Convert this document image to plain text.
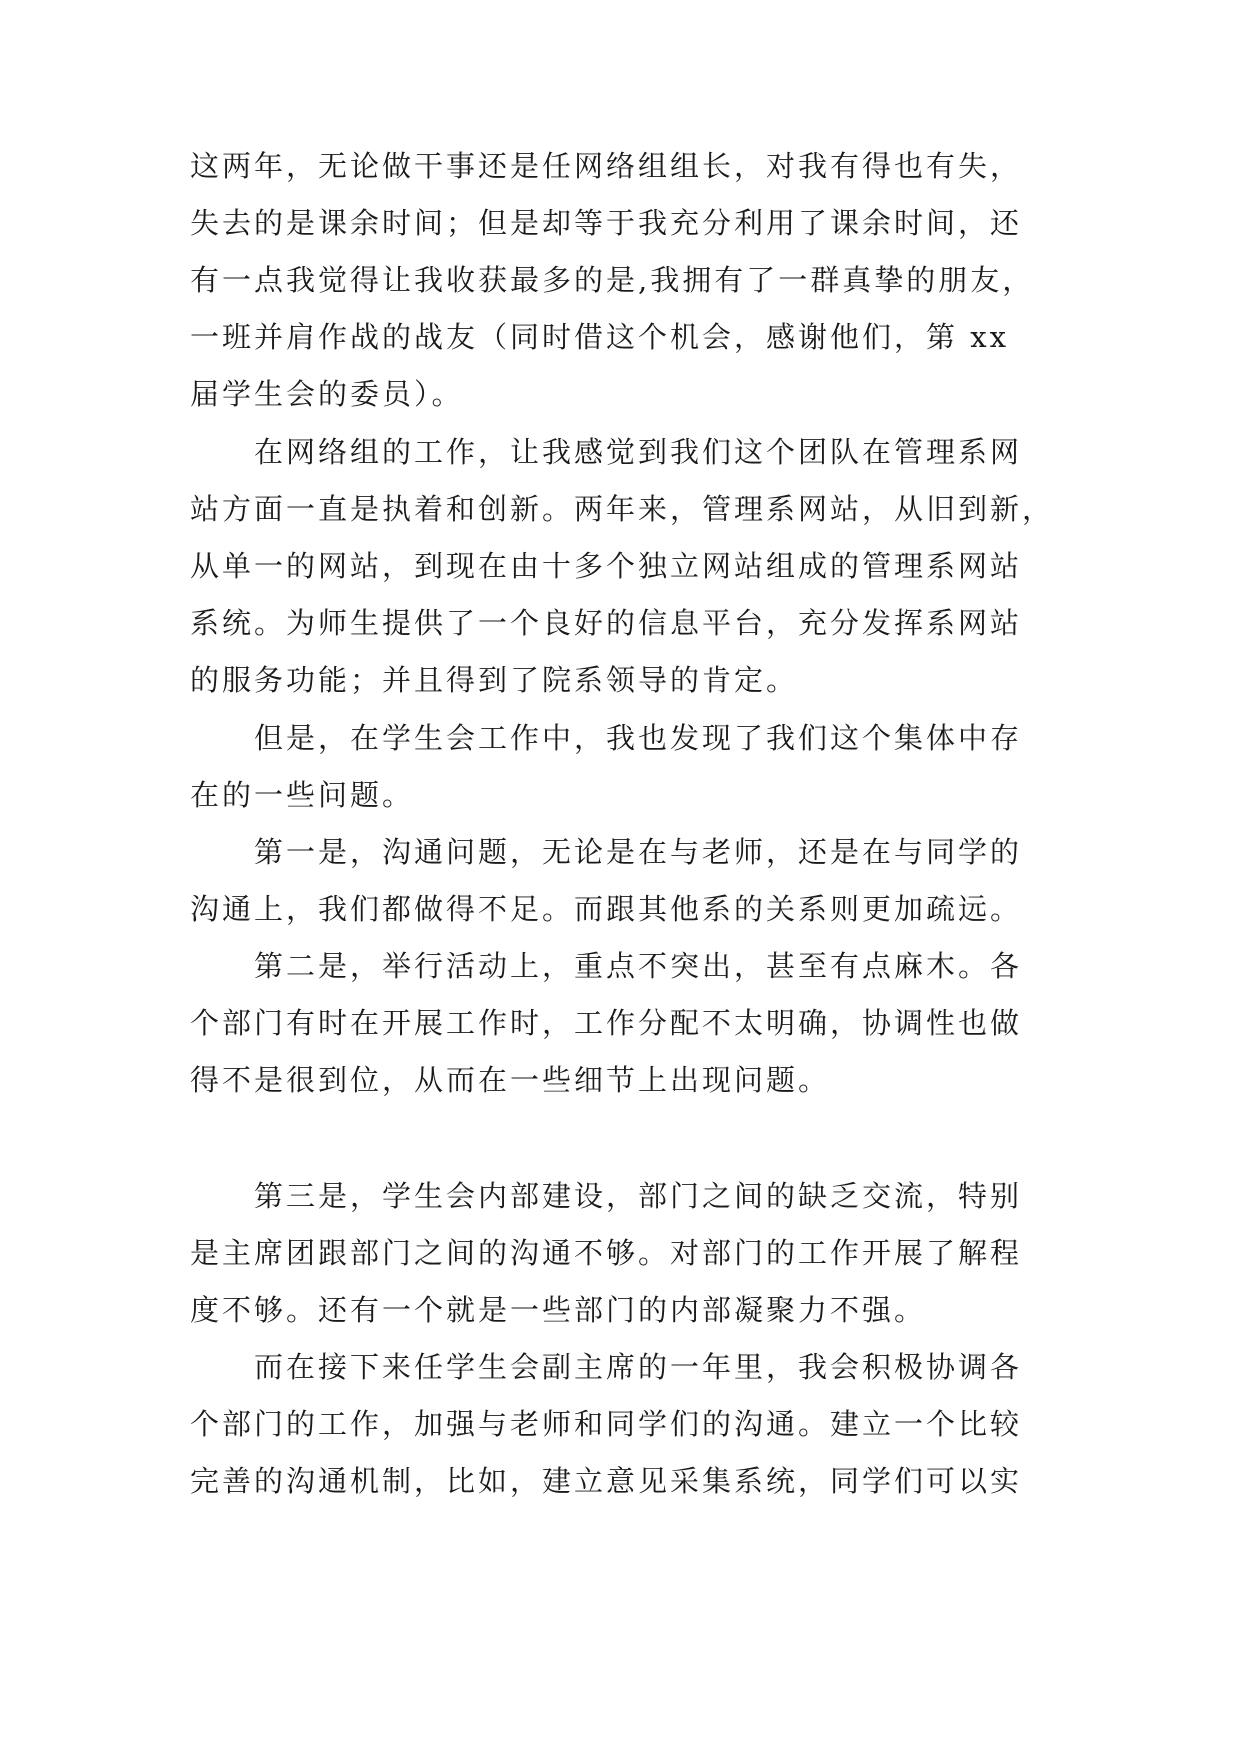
这两年，无论做干事还是任网络组组长，对我有得也有失，
失去的是课余时间；但是却等于我充分利用了课余时间，还
有一点我觉得让我收获最多的是,我拥有了一群真挚的朋友，
一班并肩作战的战友（同时借这个机会，感谢他们，第 xx
届学生会的委员）。
在网络组的工作，让我感觉到我们这个团队在管理系网
站方面一直是执着和创新。两年来，管理系网站，从旧到新，
从单一的网站，到现在由十多个独立网站组成的管理系网站
系统。为师生提供了一个良好的信息平台，充分发挥系网站
的服务功能；并且得到了院系领导的肯定。
但是，在学生会工作中，我也发现了我们这个集体中存
在的一些问题。
第一是，沟通问题，无论是在与老师，还是在与同学的
沟通上，我们都做得不足。而跟其他系的关系则更加疏远。
第二是，举行活动上，重点不突出，甚至有点麻木。各
个部门有时在开展工作时，工作分配不太明确，协调性也做
得不是很到位，从而在一些细节上出现问题。
第三是，学生会内部建设，部门之间的缺乏交流，特别
是主席团跟部门之间的沟通不够。对部门的工作开展了解程
度不够。还有一个就是一些部门的内部凝聚力不强。
而在接下来任学生会副主席的一年里，我会积极协调各
个部门的工作，加强与老师和同学们的沟通。建立一个比较
完善的沟通机制，比如，建立意见采集系统，同学们可以实
